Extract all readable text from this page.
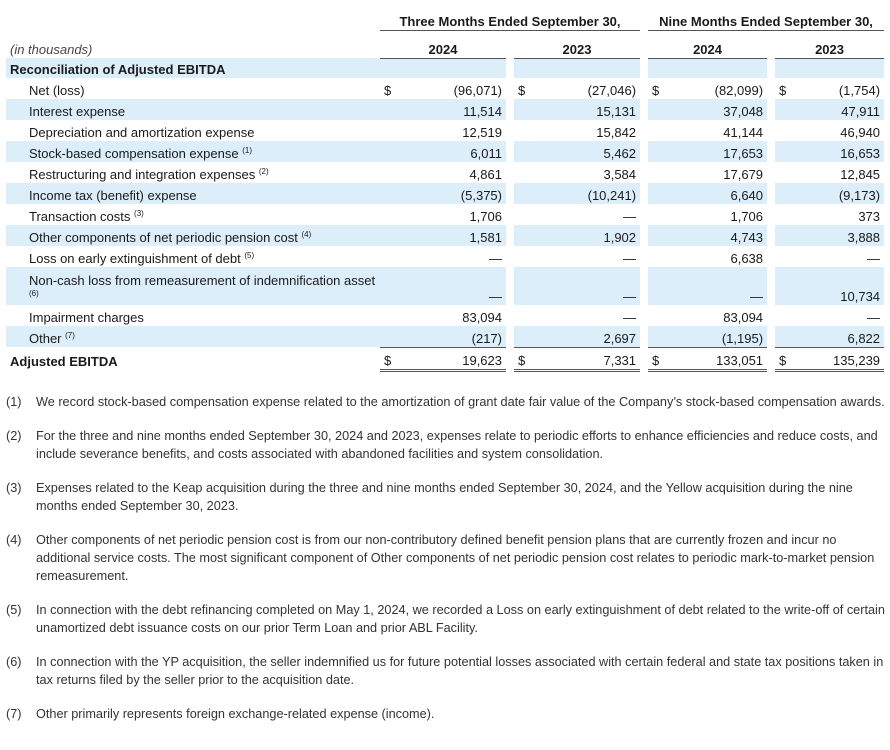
		Three Months Ended September 30,						Nine Months Ended September 30,				
(in thousands)		2024			2023			2024			2023	
Reconciliation of Adjusted EBITDA												
Net (loss)		$	(96,071)		$	(27,046)		$	(82,099)		$	(1,754)
Interest expense			11,514			15,131			37,048			47,911
Depreciation and amortization expense			12,519			15,842			41,144			46,940
Stock-based compensation expense $^{(1)}$			6,011			5,462			17,653			16,653
Restructuring and integration expenses $^{(2)}$			4,861			3,584			17,679			12,845
Income tax (benefit) expense			(5,375)			(10,241)			6,640			(9,173)
Transaction costs $^{(3)}$			1,706			—			1,706			373
Other components of net periodic pension cost $^{(4)}$			1,581			1,902			4,743			3,888
Loss on early extinguishment of debt $^{(5)}$			—			—			6,638			—
Non-cash loss from remeasurement of indemnification asset $^{(6)}$			—			—			—			10,734
Impairment charges			83,094			—			83,094			—
Other $^{(7)}$			(217)			2,697			(1,195)			6,822
Adjusted EBITDA		$	19,623		$	7,331		$	133,051		$	135,239
(1)	We record stock-based compensation expense related to the amortization of grant date fair value of the Company’s stock-based compensation awards.
(2)	For the three and nine months ended September 30, 2024 and 2023, expenses relate to periodic efforts to enhance efficiencies and reduce costs, and include severance benefits, and costs associated with abandoned facilities and system consolidation.
(3)	Expenses related to the Keap acquisition during the three and nine months ended September 30, 2024, and the Yellow acquisition during the nine months ended September 30, 2023.
(4)	Other components of net periodic pension cost is from our non-contributory defined benefit pension plans that are currently frozen and incur no additional service costs. The most significant component of Other components of net periodic pension cost relates to periodic mark-to-market pension remeasurement.
(5)	In connection with the debt refinancing completed on May 1, 2024, we recorded a Loss on early extinguishment of debt related to the write-off of certain unamortized debt issuance costs on our prior Term Loan and prior ABL Facility.
(6)	In connection with the YP acquisition, the seller indemnified us for future potential losses associated with certain federal and state tax positions taken in tax returns filed by the seller prior to the acquisition date.
(7)	Other primarily represents foreign exchange-related expense (income).
